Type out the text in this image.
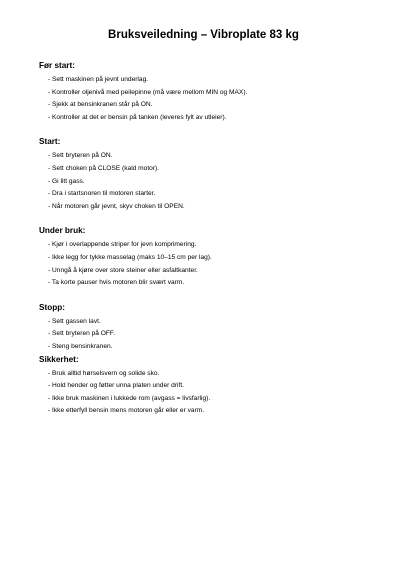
Bruksveiledning – Vibroplate 83 kg
Før start:
- Sett maskinen på jevnt underlag.
- Kontroller oljenivå med peilepinne (må være mellom MIN og MAX).
- Sjekk at bensinkranen står på ON.
- Kontroller at det er bensin på tanken (leveres fylt av utleier).
Start:
- Sett bryteren på ON.
- Sett choken på CLOSE (kald motor).
- Gi litt gass.
- Dra i startsnoren til motoren starter.
- Når motoren går jevnt, skyv choken til OPEN.
Under bruk:
- Kjør i overlappende striper for jevn komprimering.
- Ikke legg for tykke masselag (maks 10–15 cm per lag).
- Unngå å kjøre over store steiner eller asfaltkanter.
- Ta korte pauser hvis motoren blir svært varm.
Stopp:
- Sett gassen lavt.
- Sett bryteren på OFF.
- Steng bensinkranen.
Sikkerhet:
- Bruk alltid hørselsvern og solide sko.
- Hold hender og føtter unna platen under drift.
- Ikke bruk maskinen i lukkede rom (avgass = livsfarlig).
- Ikke etterfyll bensin mens motoren går eller er varm.
